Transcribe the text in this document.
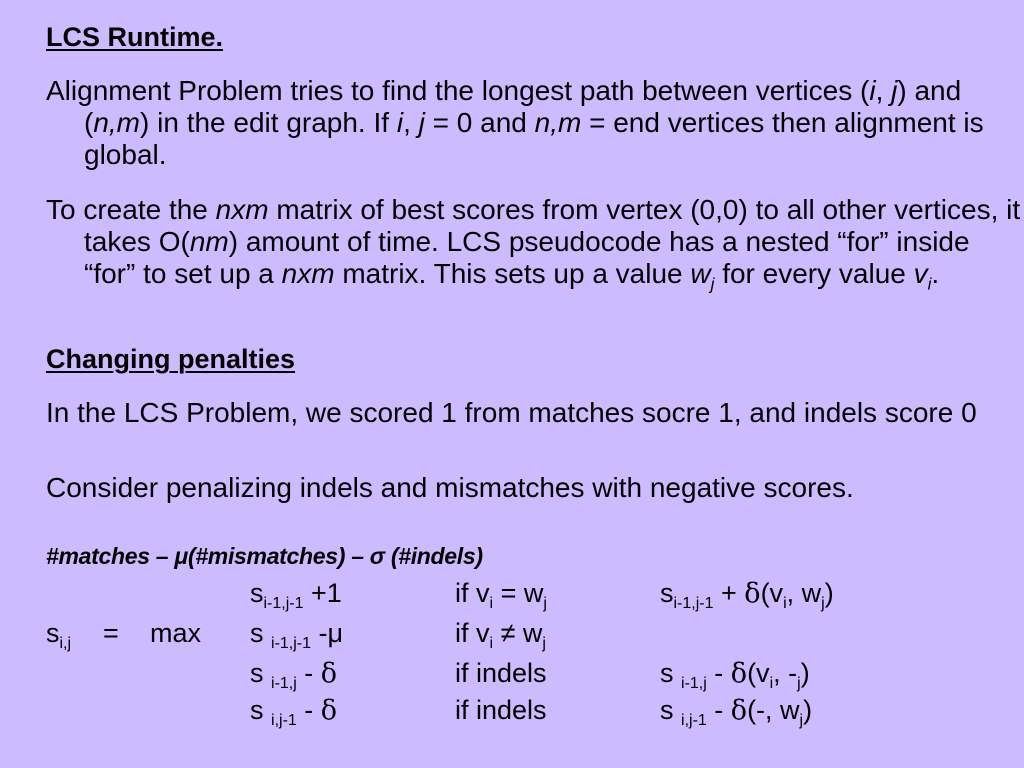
LCS Runtime.

Alignment Problem tries to find the longest path between vertices (i, j) and (n,m) in the edit graph. If i, j = 0 and n,m = end vertices then alignment is global.

To create the nxm matrix of best scores from vertex (0,0) to all other vertices, it takes O(nm) amount of time. LCS pseudocode has a nested “for” inside “for” to set up a nxm matrix. This sets up a value $w_j$ for every value $v_i$.

Changing penalties

In the LCS Problem, we scored 1 from matches socre 1, and indels score 0

Consider penalizing indels and mismatches with negative scores.

#matches – μ(#mismatches) – σ (#indels)
$s_{i,j} = \max$
$s_{i-1,j-1} +1$	if $v_i = w_j$	$s_{i-1,j-1} + \delta(v_i$, $w_j$)
s $_{i-1,j-1}$ -μ	if $v_i \ne w_j$
s $_{i-1,j}$ - δ	if indels	s $_{i-1,j} - \delta(v_i$, $-_j$)
s $_{i,j-1}$ - δ	if indels	s $_{i,j-1}$ - δ(-, $w_j$)
